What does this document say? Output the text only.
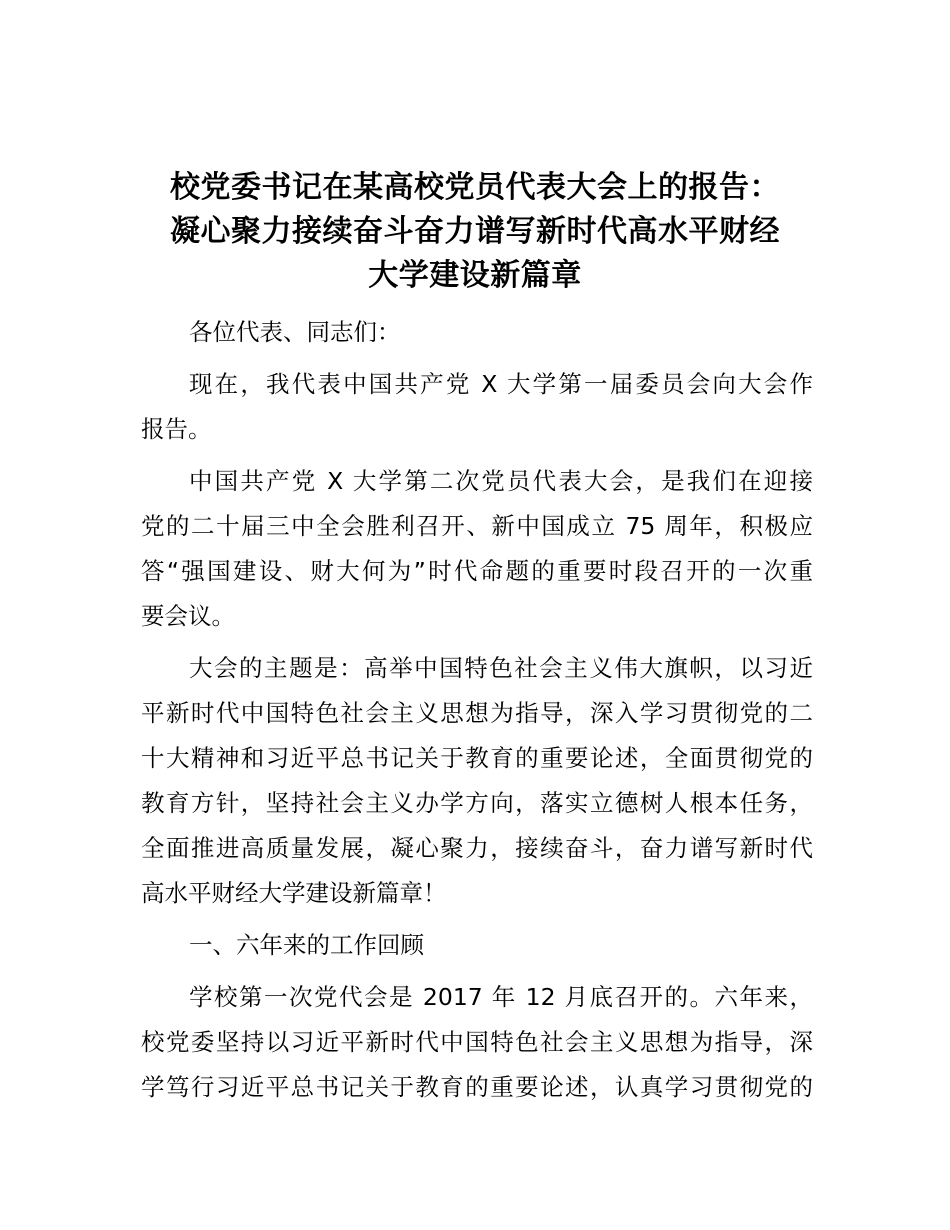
校党委书记在某高校党员代表大会上的报告：
凝心聚力接续奋斗奋力谱写新时代高水平财经
大学建设新篇章
各位代表、同志们：
现在，我代表中国共产党 X 大学第一届委员会向大会作
报告。
中国共产党 X 大学第二次党员代表大会，是我们在迎接
党的二十届三中全会胜利召开、新中国成立 75 周年，积极应
答“强国建设、财大何为”时代命题的重要时段召开的一次重
要会议。
大会的主题是：高举中国特色社会主义伟大旗帜，以习近
平新时代中国特色社会主义思想为指导，深入学习贯彻党的二
十大精神和习近平总书记关于教育的重要论述，全面贯彻党的
教育方针，坚持社会主义办学方向，落实立德树人根本任务，
全面推进高质量发展，凝心聚力，接续奋斗，奋力谱写新时代
高水平财经大学建设新篇章！
一、六年来的工作回顾
学校第一次党代会是 2017 年 12 月底召开的。六年来，
校党委坚持以习近平新时代中国特色社会主义思想为指导，深
学笃行习近平总书记关于教育的重要论述，认真学习贯彻党的
